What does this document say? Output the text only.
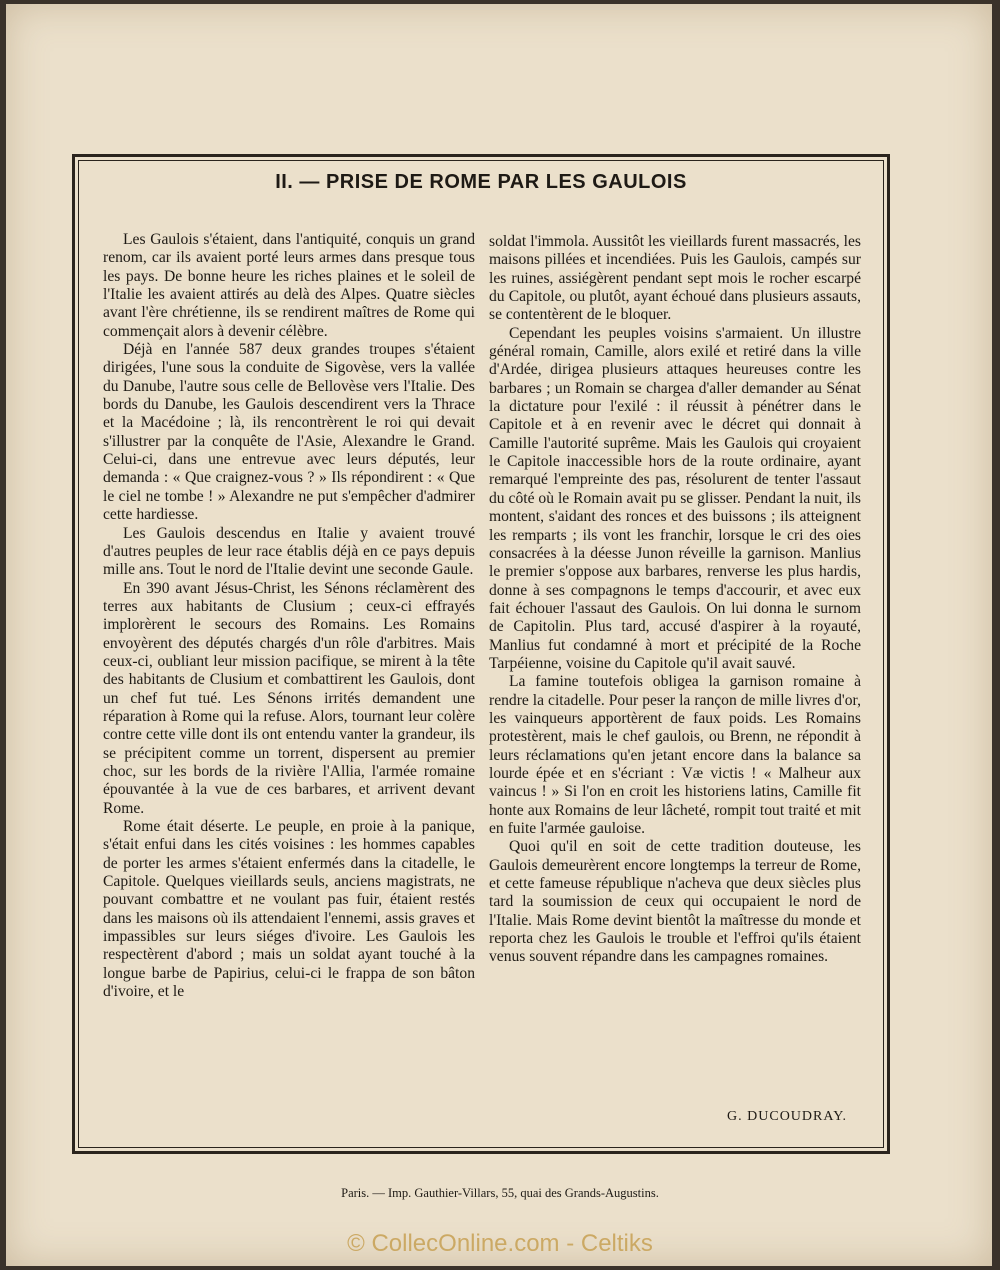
II. — PRISE DE ROME PAR LES GAULOIS

Les Gaulois s'étaient, dans l'antiquité, conquis un grand renom, car ils avaient porté leurs armes dans presque tous les pays. De bonne heure les riches plaines et le soleil de l'Italie les avaient attirés au delà des Alpes. Quatre siècles avant l'ère chrétienne, ils se rendirent maîtres de Rome qui commençait alors à devenir célèbre.

Déjà en l'année 587 deux grandes troupes s'étaient dirigées, l'une sous la conduite de Sigovèse, vers la vallée du Danube, l'autre sous celle de Bellovèse vers l'Italie. Des bords du Danube, les Gaulois descendirent vers la Thrace et la Macédoine ; là, ils rencontrèrent le roi qui devait s'illustrer par la conquête de l'Asie, Alexandre le Grand. Celui-ci, dans une entrevue avec leurs députés, leur demanda : « Que craignez-vous ? » Ils répondirent : « Que le ciel ne tombe ! » Alexandre ne put s'empêcher d'admirer cette hardiesse.

Les Gaulois descendus en Italie y avaient trouvé d'autres peuples de leur race établis déjà en ce pays depuis mille ans. Tout le nord de l'Italie devint une seconde Gaule.

En 390 avant Jésus-Christ, les Sénons réclamèrent des terres aux habitants de Clusium ; ceux-ci effrayés implorèrent le secours des Romains. Les Romains envoyèrent des députés chargés d'un rôle d'arbitres. Mais ceux-ci, oubliant leur mission pacifique, se mirent à la tête des habitants de Clusium et combattirent les Gaulois, dont un chef fut tué. Les Sénons irrités demandent une réparation à Rome qui la refuse. Alors, tournant leur colère contre cette ville dont ils ont entendu vanter la grandeur, ils se précipitent comme un torrent, dispersent au premier choc, sur les bords de la rivière l'Allia, l'armée romaine épouvantée à la vue de ces barbares, et arrivent devant Rome.

Rome était déserte. Le peuple, en proie à la panique, s'était enfui dans les cités voisines : les hommes capables de porter les armes s'étaient enfermés dans la citadelle, le Capitole. Quelques vieillards seuls, anciens magistrats, ne pouvant combattre et ne voulant pas fuir, étaient restés dans les maisons où ils attendaient l'ennemi, assis graves et impassibles sur leurs siéges d'ivoire. Les Gaulois les respectèrent d'abord ; mais un soldat ayant touché à la longue barbe de Papirius, celui-ci le frappa de son bâton d'ivoire, et le

soldat l'immola. Aussitôt les vieillards furent massacrés, les maisons pillées et incendiées. Puis les Gaulois, campés sur les ruines, assiégèrent pendant sept mois le rocher escarpé du Capitole, ou plutôt, ayant échoué dans plusieurs assauts, se contentèrent de le bloquer.

Cependant les peuples voisins s'armaient. Un illustre général romain, Camille, alors exilé et retiré dans la ville d'Ardée, dirigea plusieurs attaques heureuses contre les barbares ; un Romain se chargea d'aller demander au Sénat la dictature pour l'exilé : il réussit à pénétrer dans le Capitole et à en revenir avec le décret qui donnait à Camille l'autorité suprême. Mais les Gaulois qui croyaient le Capitole inaccessible hors de la route ordinaire, ayant remarqué l'empreinte des pas, résolurent de tenter l'assaut du côté où le Romain avait pu se glisser. Pendant la nuit, ils montent, s'aidant des ronces et des buissons ; ils atteignent les remparts ; ils vont les franchir, lorsque le cri des oies consacrées à la déesse Junon réveille la garnison. Manlius le premier s'oppose aux barbares, renverse les plus hardis, donne à ses compagnons le temps d'accourir, et avec eux fait échouer l'assaut des Gaulois. On lui donna le surnom de Capitolin. Plus tard, accusé d'aspirer à la royauté, Manlius fut condamné à mort et précipité de la Roche Tarpéienne, voisine du Capitole qu'il avait sauvé.

La famine toutefois obligea la garnison romaine à rendre la citadelle. Pour peser la rançon de mille livres d'or, les vainqueurs apportèrent de faux poids. Les Romains protestèrent, mais le chef gaulois, ou Brenn, ne répondit à leurs réclamations qu'en jetant encore dans la balance sa lourde épée et en s'écriant : Væ victis ! « Malheur aux vaincus ! » Si l'on en croit les historiens latins, Camille fit honte aux Romains de leur lâcheté, rompit tout traité et mit en fuite l'armée gauloise.

Quoi qu'il en soit de cette tradition douteuse, les Gaulois demeurèrent encore longtemps la terreur de Rome, et cette fameuse république n'acheva que deux siècles plus tard la soumission de ceux qui occupaient le nord de l'Italie. Mais Rome devint bientôt la maîtresse du monde et reporta chez les Gaulois le trouble et l'effroi qu'ils étaient venus souvent répandre dans les campagnes romaines.

G. DUCOUDRAY.
Paris. — Imp. Gauthier-Villars, 55, quai des Grands-Augustins.
© CollecOnline.com - Celtiks
